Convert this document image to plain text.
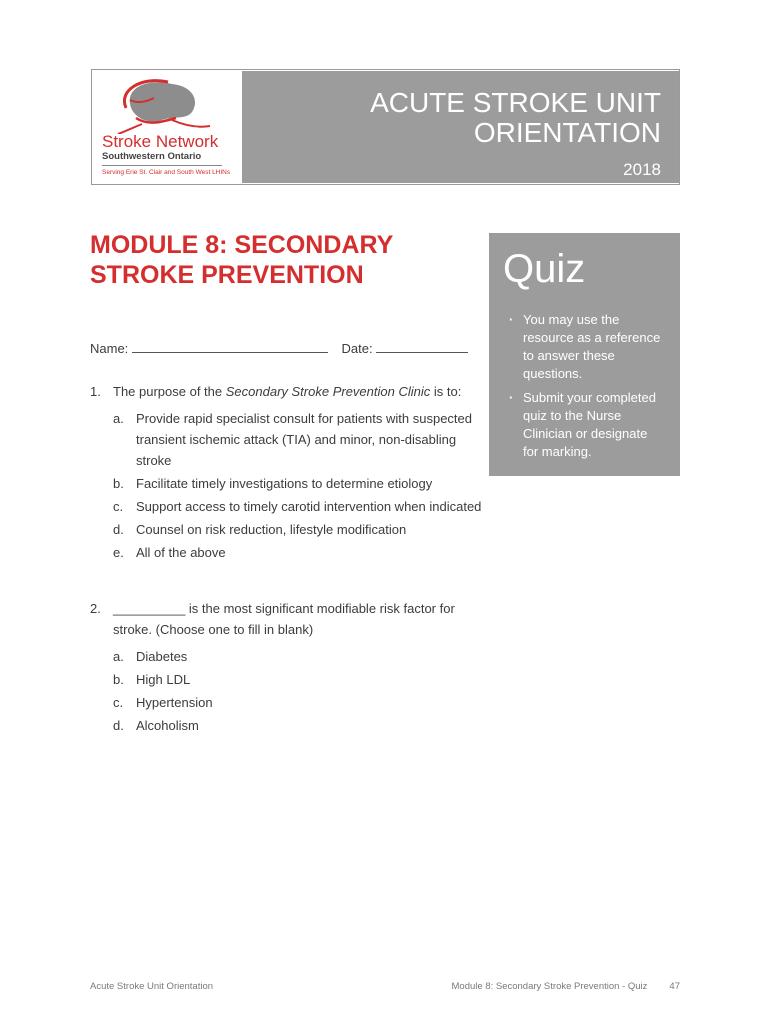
Stroke Network
Southwestern Ontario
Serving Erie St. Clair and South West LHINs
ACUTE STROKE UNIT
ORIENTATION
2018
MODULE 8: SECONDARY STROKE PREVENTION	Quiz
· You may use the resource as a reference to answer these questions.
· Submit your completed quiz to the Nurse Clinician or designate for marking.
Name:	Date:
1. The purpose of the Secondary Stroke Prevention Clinic is to:
a. Provide rapid specialist consult for patients with suspected transient ischemic attack (TIA) and minor, non-disabling stroke
b. Facilitate timely investigations to determine etiology
c. Support access to timely carotid intervention when indicated
d. Counsel on risk reduction, lifestyle modification
e. All of the above
2. __________ is the most significant modifiable risk factor for stroke. (Choose one to fill in blank)
a. Diabetes
b. High LDL
c. Hypertension
d. Alcoholism
Acute Stroke Unit Orientation	Module 8: Secondary Stroke Prevention - Quiz 47
